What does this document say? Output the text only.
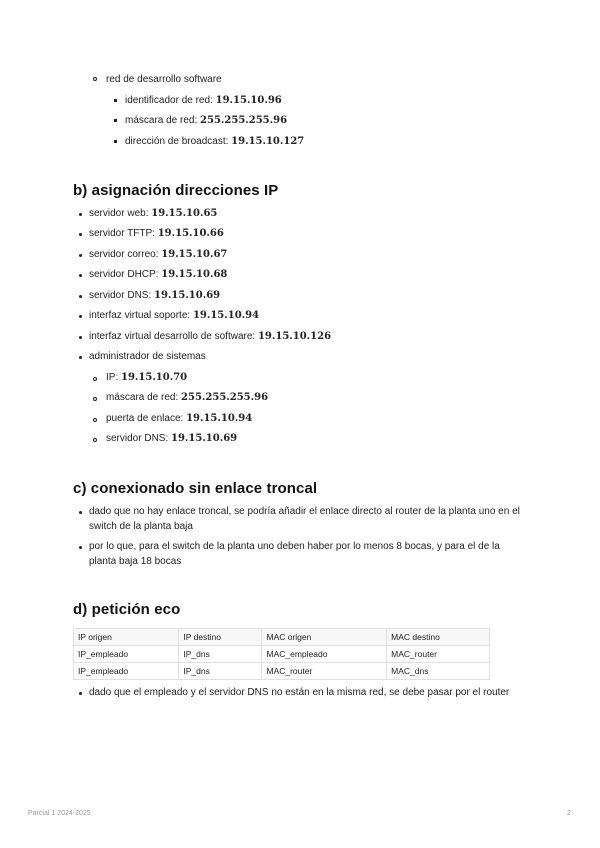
red de desarrollo software
identificador de red: 19.15.10.96
máscara de red: 255.255.255.96
dirección de broadcast: 19.15.10.127
b) asignación direcciones IP
servidor web: 19.15.10.65
servidor TFTP: 19.15.10.66
servidor correo: 19.15.10.67
servidor DHCP: 19.15.10.68
servidor DNS: 19.15.10.69
interfaz virtual soporte: 19.15.10.94
interfaz virtual desarrollo de software: 19.15.10.126
administrador de sistemas
IP: 19.15.10.70
máscara de red: 255.255.255.96
puerta de enlace: 19.15.10.94
servidor DNS: 19.15.10.69
c) conexionado sin enlace troncal
dado que no hay enlace troncal, se podría añadir el enlace directo al router de la planta uno en el switch de la planta baja
por lo que, para el switch de la planta uno deben haber por lo menos 8 bocas, y para el de la planta baja 18 bocas
d) petición eco
IP origen	IP destino	MAC origen	MAC destino
IP_empleado	IP_dns	MAC_empleado	MAC_router
IP_empleado	IP_dns	MAC_router	MAC_dns
dado que el empleado y el servidor DNS no están en la misma red, se debe pasar por el router
Parcial 1 2024-2025	2
